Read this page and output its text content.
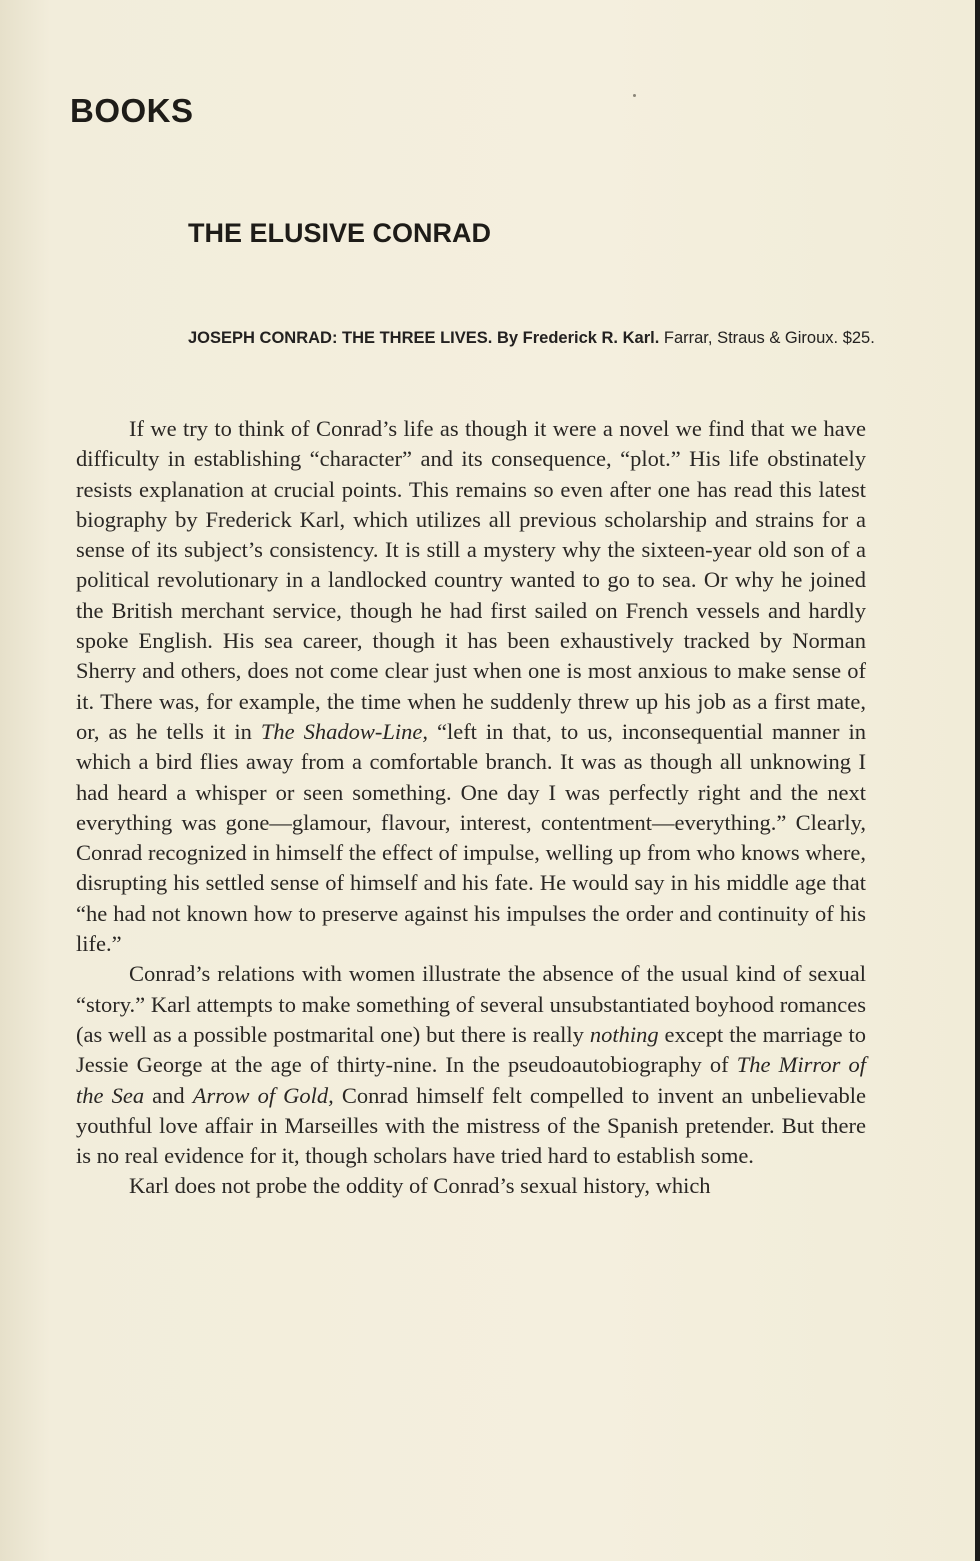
BOOKS
THE ELUSIVE CONRAD

JOSEPH CONRAD: THE THREE LIVES. By Frederick R. Karl. Farrar, Straus & Giroux. $25.

If we try to think of Conrad’s life as though it were a novel we find that we have difficulty in establishing “character” and its consequence, “plot.” His life obstinately resists explanation at crucial points. This remains so even after one has read this latest biography by Frederick Karl, which utilizes all previous scholarship and strains for a sense of its subject’s consistency. It is still a mystery why the sixteen-year old son of a political revolutionary in a landlocked country wanted to go to sea. Or why he joined the British merchant service, though he had first sailed on French vessels and hardly spoke English. His sea career, though it has been exhaustively tracked by Norman Sherry and others, does not come clear just when one is most anxious to make sense of it. There was, for example, the time when he suddenly threw up his job as a first mate, or, as he tells it in The Shadow-Line, “left in that, to us, inconsequential manner in which a bird flies away from a comfortable branch. It was as though all unknowing I had heard a whisper or seen something. One day I was perfectly right and the next everything was gone—glamour, flavour, interest, contentment—everything.” Clearly, Conrad recognized in himself the effect of impulse, welling up from who knows where, disrupting his settled sense of himself and his fate. He would say in his middle age that “he had not known how to preserve against his impulses the order and continuity of his life.”

Conrad’s relations with women illustrate the absence of the usual kind of sexual “story.” Karl attempts to make something of several unsubstantiated boyhood romances (as well as a possible postmarital one) but there is really nothing except the marriage to Jessie George at the age of thirty-nine. In the pseudoautobiography of The Mirror of the Sea and Arrow of Gold, Conrad himself felt compelled to invent an unbelievable youthful love affair in Marseilles with the mistress of the Spanish pretender. But there is no real evidence for it, though scholars have tried hard to establish some.

Karl does not probe the oddity of Conrad’s sexual history, which
